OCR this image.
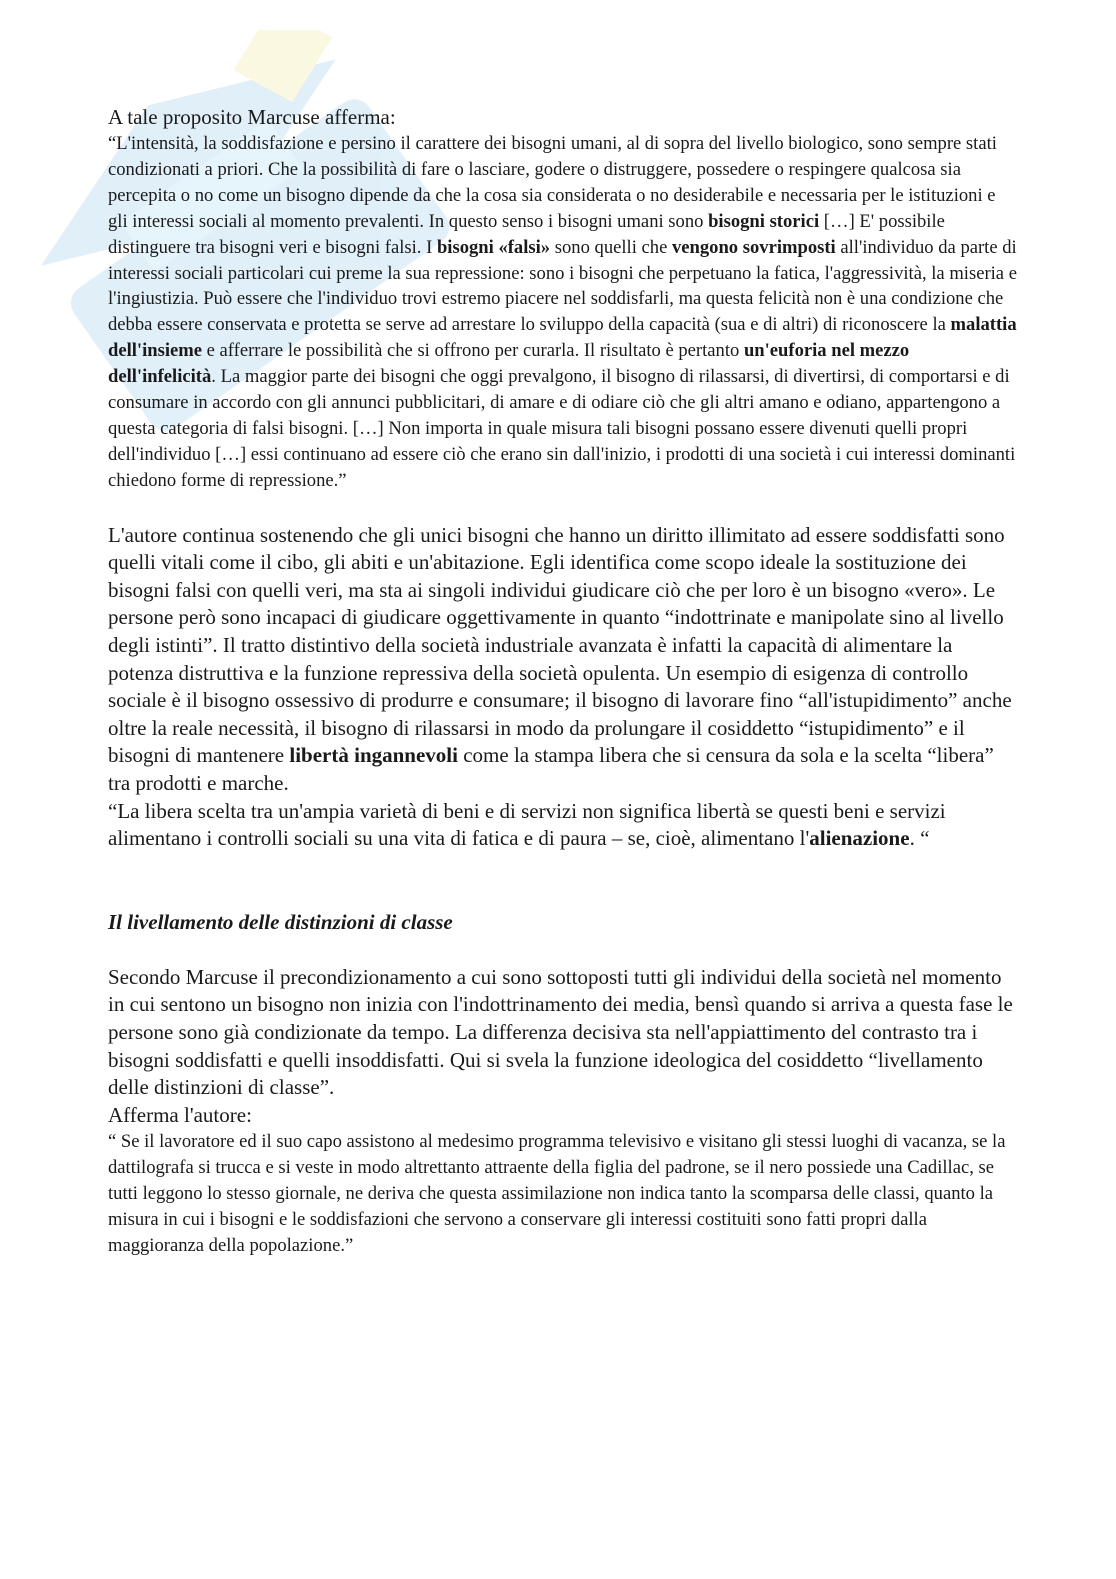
A tale proposito Marcuse afferma:

“L'intensità, la soddisfazione e persino il carattere dei bisogni umani, al di sopra del livello biologico, sono sempre stati condizionati a priori. Che la possibilità di fare o lasciare, godere o distruggere, possedere o respingere qualcosa sia percepita o no come un bisogno dipende da che la cosa sia considerata o no desiderabile e necessaria per le istituzioni e gli interessi sociali al momento prevalenti. In questo senso i bisogni umani sono bisogni storici […] E' possibile distinguere tra bisogni veri e bisogni falsi. I bisogni «falsi» sono quelli che vengono sovrimposti all'individuo da parte di interessi sociali particolari cui preme la sua repressione: sono i bisogni che perpetuano la fatica, l'aggressività, la miseria e l'ingiustizia. Può essere che l'individuo trovi estremo piacere nel soddisfarli, ma questa felicità non è una condizione che debba essere conservata e protetta se serve ad arrestare lo sviluppo della capacità (sua e di altri) di riconoscere la malattia dell'insieme e afferrare le possibilità che si offrono per curarla. Il risultato è pertanto un'euforia nel mezzo dell'infelicità. La maggior parte dei bisogni che oggi prevalgono, il bisogno di rilassarsi, di divertirsi, di comportarsi e di consumare in accordo con gli annunci pubblicitari, di amare e di odiare ciò che gli altri amano e odiano, appartengono a questa categoria di falsi bisogni. […] Non importa in quale misura tali bisogni possano essere divenuti quelli propri dell'individuo […] essi continuano ad essere ciò che erano sin dall'inizio, i prodotti di una società i cui interessi dominanti chiedono forme di repressione.”

L'autore continua sostenendo che gli unici bisogni che hanno un diritto illimitato ad essere soddisfatti sono quelli vitali come il cibo, gli abiti e un'abitazione. Egli identifica come scopo ideale la sostituzione dei bisogni falsi con quelli veri, ma sta ai singoli individui giudicare ciò che per loro è un bisogno «vero». Le persone però sono incapaci di giudicare oggettivamente in quanto “indottrinate e manipolate sino al livello degli istinti”. Il tratto distintivo della società industriale avanzata è infatti la capacità di alimentare la potenza distruttiva e la funzione repressiva della società opulenta. Un esempio di esigenza di controllo sociale è il bisogno ossessivo di produrre e consumare; il bisogno di lavorare fino “all'istupidimento” anche oltre la reale necessità, il bisogno di rilassarsi in modo da prolungare il cosiddetto “istupidimento” e il bisogni di mantenere libertà ingannevoli come la stampa libera che si censura da sola e la scelta “libera” tra prodotti e marche.

“La libera scelta tra un'ampia varietà di beni e di servizi non significa libertà se questi beni e servizi alimentano i controlli sociali su una vita di fatica e di paura – se, cioè, alimentano l'alienazione. “

Il livellamento delle distinzioni di classe

Secondo Marcuse il precondizionamento a cui sono sottoposti tutti gli individui della società nel momento in cui sentono un bisogno non inizia con l'indottrinamento dei media, bensì quando si arriva a questa fase le persone sono già condizionate da tempo. La differenza decisiva sta nell'appiattimento del contrasto tra i bisogni soddisfatti e quelli insoddisfatti. Qui si svela la funzione ideologica del cosiddetto “livellamento delle distinzioni di classe”.

Afferma l'autore:

“ Se il lavoratore ed il suo capo assistono al medesimo programma televisivo e visitano gli stessi luoghi di vacanza, se la dattilografa si trucca e si veste in modo altrettanto attraente della figlia del padrone, se il nero possiede una Cadillac, se tutti leggono lo stesso giornale, ne deriva che questa assimilazione non indica tanto la scomparsa delle classi, quanto la misura in cui i bisogni e le soddisfazioni che servono a conservare gli interessi costituiti sono fatti propri dalla maggioranza della popolazione.”
